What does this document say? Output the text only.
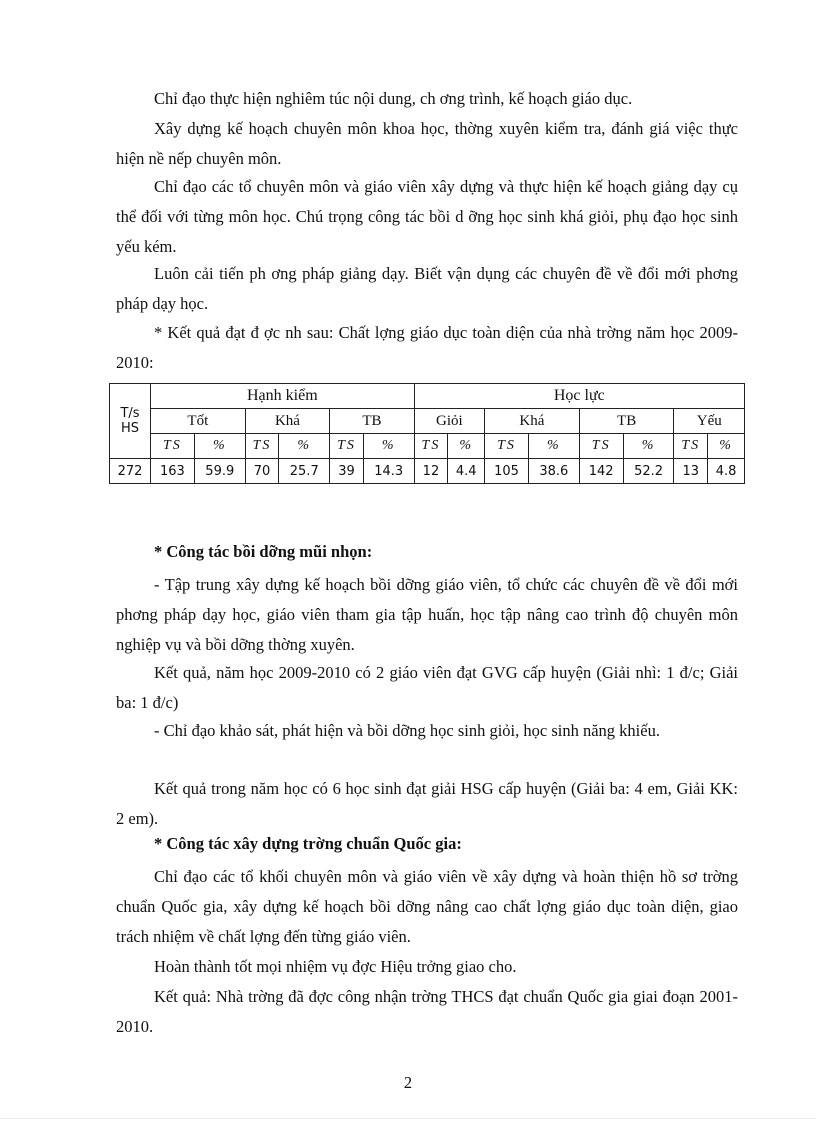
Chỉ đạo thực hiện nghiêm túc nội dung, ch ơng trình, kế hoạch giáo dục.

Xây dựng kế hoạch chuyên môn khoa học, thờng xuyên kiểm tra, đánh giá việc thực hiện nề nếp chuyên môn.

Chỉ đạo các tổ chuyên môn và giáo viên xây dựng và thực hiện kế hoạch giảng dạy cụ thể đối với từng môn học. Chú trọng công tác bồi d ỡng học sinh khá giỏi, phụ đạo học sinh yếu kém.

Luôn cải tiến ph ơng pháp giảng dạy. Biết vận dụng các chuyên đề về đổi mới phơng pháp dạy học.

* Kết quả đạt đ ợc nh sau: Chất lợng giáo dục toàn diện của nhà trờng năm học 2009-2010:

T/s HS	Hạnh kiểm						Học lực							
	Tốt		Khá		TB		Giỏi		Khá		TB		Yếu	
	TS	%	TS	%	TS	%	TS	%	TS	%	TS	%	TS	%
272	163	59.9	70	25.7	39	14.3	12	4.4	105	38.6	142	52.2	13	4.8

* Công tác bồi dỡng mũi nhọn:

- Tập trung xây dựng kế hoạch bồi dỡng giáo viên, tổ chức các chuyên đề về đổi mới phơng pháp dạy học, giáo viên tham gia tập huấn, học tập nâng cao trình độ chuyên môn nghiệp vụ và bồi dỡng thờng xuyên.

Kết quả, năm học 2009-2010 có 2 giáo viên đạt GVG cấp huyện (Giải nhì: 1 đ/c; Giải ba: 1 đ/c)

- Chỉ đạo khảo sát, phát hiện và bồi dỡng học sinh giỏi, học sinh năng khiếu.

Kết quả trong năm học có 6 học sinh đạt giải HSG cấp huyện (Giải ba: 4 em, Giải KK: 2 em).

* Công tác xây dựng trờng chuẩn Quốc gia:

Chỉ đạo các tổ khối chuyên môn và giáo viên về xây dựng và hoàn thiện hồ sơ trờng chuẩn Quốc gia, xây dựng kế hoạch bồi dỡng nâng cao chất lợng giáo dục toàn diện, giao trách nhiệm về chất lợng đến từng giáo viên.

Hoàn thành tốt mọi nhiệm vụ đợc Hiệu trởng giao cho.

Kết quả: Nhà trờng đã đợc công nhận trờng THCS đạt chuẩn Quốc gia giai đoạn 2001-2010.

2
